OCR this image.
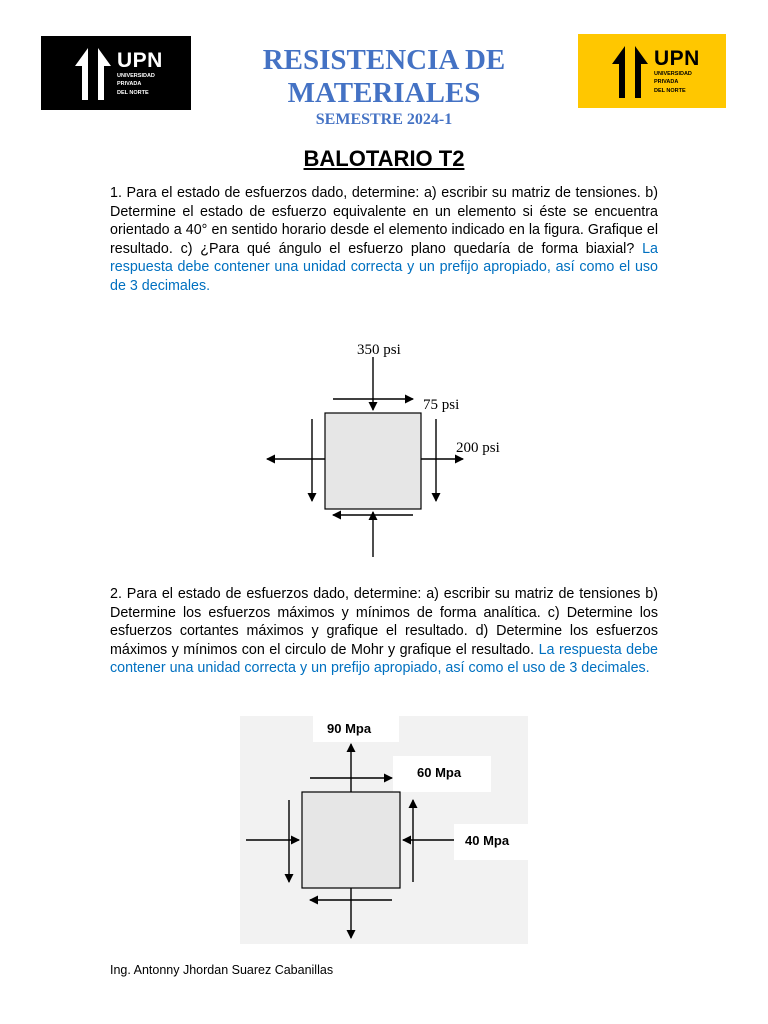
UPN
UNIVERSIDAD
PRIVADA
DEL NORTE
UPN
UNIVERSIDAD
PRIVADA
DEL NORTE
RESISTENCIA DE MATERIALES
SEMESTRE 2024-1
BALOTARIO T2
1. Para el estado de esfuerzos dado, determine: a) escribir su matriz de tensiones. b) Determine el estado de esfuerzo equivalente en un elemento si éste se encuentra orientado a 40° en sentido horario desde el elemento indicado en la figura. Grafique el resultado. c) ¿Para qué ángulo el esfuerzo plano quedaría de forma biaxial? La respuesta debe contener una unidad correcta y un prefijo apropiado, así como el uso de 3 decimales.
350 psi
75 psi
200 psi
2. Para el estado de esfuerzos dado, determine: a) escribir su matriz de tensiones b) Determine los esfuerzos máximos y mínimos de forma analítica. c) Determine los esfuerzos cortantes máximos y grafique el resultado. d) Determine los esfuerzos máximos y mínimos con el circulo de Mohr y grafique el resultado. La respuesta debe contener una unidad correcta y un prefijo apropiado, así como el uso de 3 decimales.
90 Mpa
60 Mpa
40 Mpa
Ing. Antonny Jhordan Suarez Cabanillas
